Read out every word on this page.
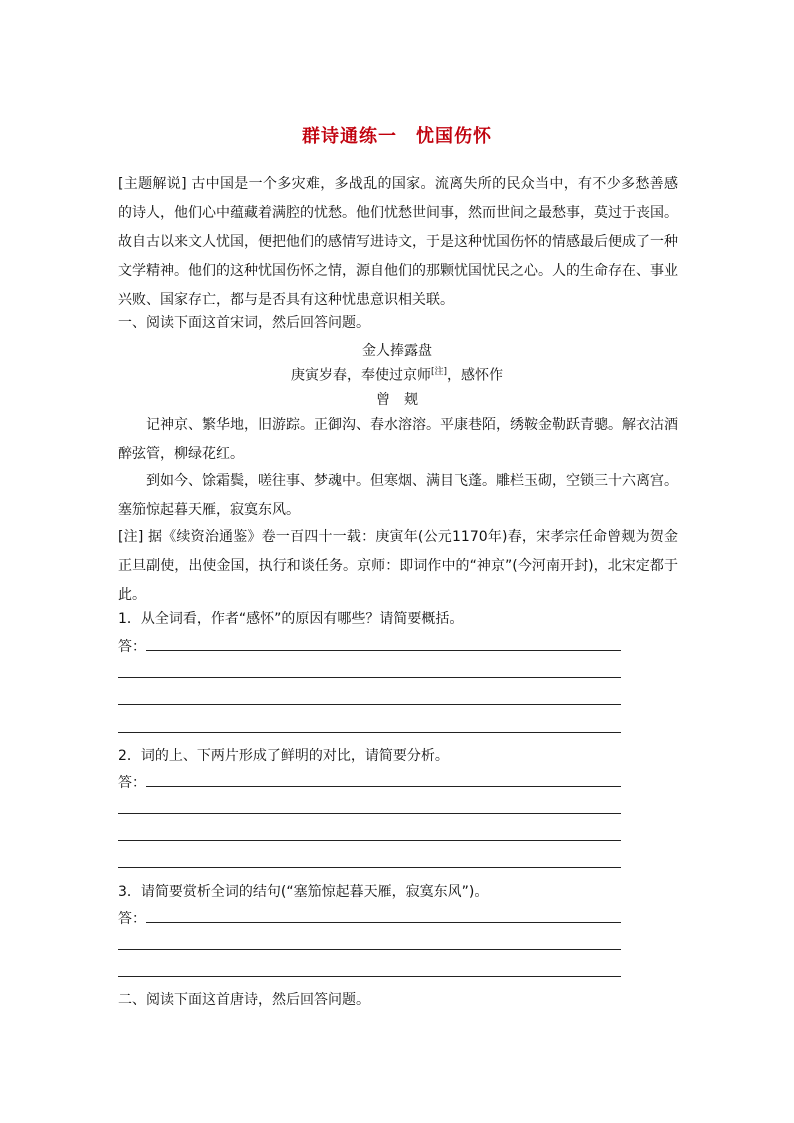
群诗通练一　忧国伤怀
[主题解说] 古中国是一个多灾难，多战乱的国家。流离失所的民众当中，有不少多愁善感的诗人，他们心中蕴藏着满腔的忧愁。他们忧愁世间事，然而世间之最愁事，莫过于丧国。故自古以来文人忧国，便把他们的感情写进诗文，于是这种忧国伤怀的情感最后便成了一种文学精神。他们的这种忧国伤怀之情，源自他们的那颗忧国忧民之心。人的生命存在、事业兴败、国家存亡，都与是否具有这种忧患意识相关联。
一、阅读下面这首宋词，然后回答问题。
金人捧露盘
庚寅岁春，奉使过京师[注]，感怀作
曾　觌
记神京、繁华地，旧游踪。正御沟、春水溶溶。平康巷陌，绣鞍金勒跃青骢。解衣沽酒醉弦管，柳绿花红。
到如今、馀霜鬓，嗟往事、梦魂中。但寒烟、满目飞蓬。雕栏玉砌，空锁三十六离宫。塞笳惊起暮天雁，寂寞东风。
[注] 据《续资治通鉴》卷一百四十一载：庚寅年(公元1170年)春，宋孝宗任命曾觌为贺金正旦副使，出使金国，执行和谈任务。京师：即词作中的“神京”(今河南开封)，北宋定都于此。
1．从全词看，作者“感怀”的原因有哪些？请简要概括。
答：
2．词的上、下两片形成了鲜明的对比，请简要分析。
答：
3．请简要赏析全词的结句(“塞笳惊起暮天雁，寂寞东风”)。
答：
二、阅读下面这首唐诗，然后回答问题。
